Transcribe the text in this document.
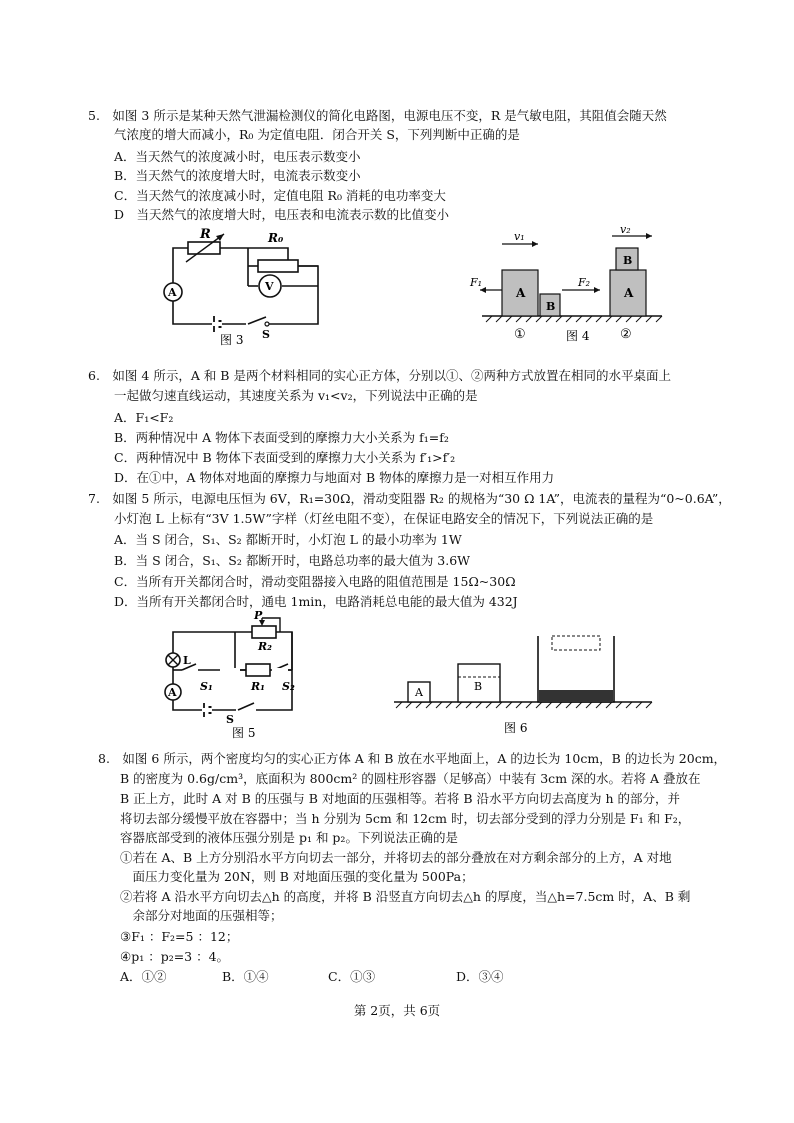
5.　如图 3 所示是某种天然气泄漏检测仪的简化电路图，电源电压不变，R 是气敏电阻，其阻值会随天然
气浓度的增大而减小，R₀ 为定值电阻．闭合开关 S，下列判断中正确的是
A．当天然气的浓度减小时，电压表示数变小
B．当天然气的浓度增大时，电流表示数变小
C．当天然气的浓度减小时，定值电阻 R₀ 消耗的电功率变大
D　当天然气的浓度增大时，电压表和电流表示数的比值变小
R	R₀
A	V
S
图 3
v₁
v₂
F₁	F₂
A
B
A
B
①	图 4 ②
6.　如图 4 所示，A 和 B 是两个材料相同的实心正方体，分别以①、②两种方式放置在相同的水平桌面上
一起做匀速直线运动，其速度关系为 v₁<v₂，下列说法中正确的是
A．F₁<F₂
B．两种情况中 A 物体下表面受到的摩擦力大小关系为 f₁=f₂
C．两种情况中 B 物体下表面受到的摩擦力大小关系为 f′₁>f′₂
D．在①中，A 物体对地面的摩擦力与地面对 B 物体的摩擦力是一对相互作用力
7.　如图 5 所示，电源电压恒为 6V，R₁=30Ω，滑动变阻器 R₂ 的规格为“30 Ω 1A”，电流表的量程为“0~0.6A”，
小灯泡 L 上标有“3V 1.5W”字样（灯丝电阻不变），在保证电路安全的情况下，下列说法正确的是
A．当 S 闭合，S₁、S₂ 都断开时，小灯泡 L 的最小功率为 1W
B．当 S 闭合，S₁、S₂ 都断开时，电路总功率的最大值为 3.6W
C．当所有开关都闭合时，滑动变阻器接入电路的阻值范围是 15Ω~30Ω
D．当所有开关都闭合时，通电 1min，电路消耗总电能的最大值为 432J
P
R₂
L
A S₁	R₁ S₂
S
图 5
A	B
图 6
8.　如图 6 所示，两个密度均匀的实心正方体 A 和 B 放在水平地面上，A 的边长为 10cm，B 的边长为 20cm，
B 的密度为 0.6g/cm³，底面积为 800cm² 的圆柱形容器（足够高）中装有 3cm 深的水。若将 A 叠放在
B 正上方，此时 A 对 B 的压强与 B 对地面的压强相等。若将 B 沿水平方向切去高度为 h 的部分，并
将切去部分缓慢平放在容器中；当 h 分别为 5cm 和 12cm 时，切去部分受到的浮力分别是 F₁ 和 F₂，
容器底部受到的液体压强分别是 p₁ 和 p₂。下列说法正确的是
①若在 A、B 上方分别沿水平方向切去一部分，并将切去的部分叠放在对方剩余部分的上方，A 对地
　面压力变化量为 20N，则 B 对地面压强的变化量为 500Pa；
②若将 A 沿水平方向切去△h 的高度，并将 B 沿竖直方向切去△h 的厚度，当△h=7.5cm 时，A、B 剩
　余部分对地面的压强相等；
③F₁ ：F₂=5 ：12；
④p₁ ：p₂=3 ：4。
A．①②	B．①④	C．①③	D．③④
第 2页，共 6页
